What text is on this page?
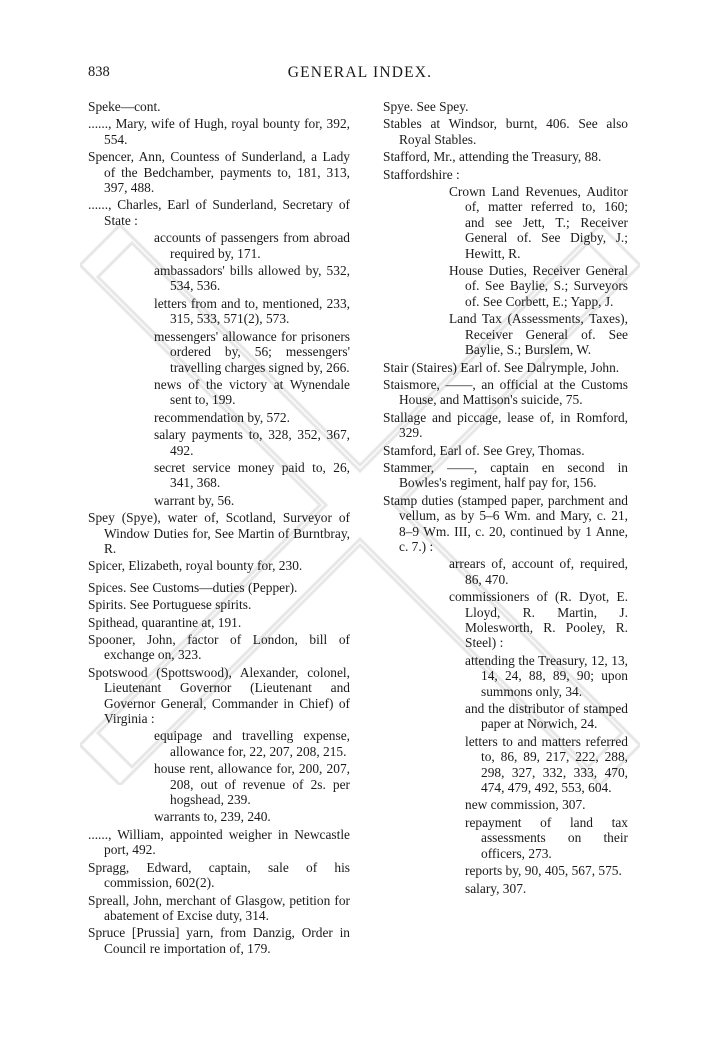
838	GENERAL INDEX.
Speke—cont.
......, Mary, wife of Hugh, royal bounty for, 392, 554.
Spencer, Ann, Countess of Sunderland, a Lady of the Bedchamber, payments to, 181, 313, 397, 488.
......, Charles, Earl of Sunderland, Secretary of State :
accounts of passengers from abroad required by, 171.
ambassadors' bills allowed by, 532, 534, 536.
letters from and to, mentioned, 233, 315, 533, 571(2), 573.
messengers' allowance for prisoners ordered by, 56; messengers' travelling charges signed by, 266.
news of the victory at Wynendale sent to, 199.
recommendation by, 572.
salary payments to, 328, 352, 367, 492.
secret service money paid to, 26, 341, 368.
warrant by, 56.
Spey (Spye), water of, Scotland, Surveyor of Window Duties for, See Martin of Burntbray, R.
Spicer, Elizabeth, royal bounty for, 230.
Spices. See Customs—duties (Pepper).
Spirits. See Portuguese spirits.
Spithead, quarantine at, 191.
Spooner, John, factor of London, bill of exchange on, 323.
Spotswood (Spottswood), Alexander, colonel, Lieutenant Governor (Lieutenant and Governor General, Commander in Chief) of Virginia :
equipage and travelling expense, allowance for, 22, 207, 208, 215.
house rent, allowance for, 200, 207, 208, out of revenue of 2s. per hogshead, 239.
warrants to, 239, 240.
......, William, appointed weigher in Newcastle port, 492.
Spragg, Edward, captain, sale of his commission, 602(2).
Spreall, John, merchant of Glasgow, petition for abatement of Excise duty, 314.
Spruce [Prussia] yarn, from Danzig, Order in Council re importation of, 179.
Spye. See Spey.
Stables at Windsor, burnt, 406. See also Royal Stables.
Stafford, Mr., attending the Treasury, 88.
Staffordshire :
Crown Land Revenues, Auditor of, matter referred to, 160; and see Jett, T.; Receiver General of. See Digby, J.; Hewitt, R.
House Duties, Receiver General of. See Baylie, S.; Surveyors of. See Corbett, E.; Yapp, J.
Land Tax (Assessments, Taxes), Receiver General of. See Baylie, S.; Burslem, W.
Stair (Staires) Earl of. See Dalrymple, John.
Staismore, ——, an official at the Customs House, and Mattison's suicide, 75.
Stallage and piccage, lease of, in Romford, 329.
Stamford, Earl of. See Grey, Thomas.
Stammer, ——, captain en second in Bowles's regiment, half pay for, 156.
Stamp duties (stamped paper, parchment and vellum, as by 5–6 Wm. and Mary, c. 21, 8–9 Wm. III, c. 20, continued by 1 Anne, c. 7.) :
arrears of, account of, required, 86, 470.
commissioners of (R. Dyot, E. Lloyd, R. Martin, J. Molesworth, R. Pooley, R. Steel) :
attending the Treasury, 12, 13, 14, 24, 88, 89, 90; upon summons only, 34.
and the distributor of stamped paper at Norwich, 24.
letters to and matters referred to, 86, 89, 217, 222, 288, 298, 327, 332, 333, 470, 474, 479, 492, 553, 604.
new commission, 307.
repayment of land tax assessments on their officers, 273.
reports by, 90, 405, 567, 575.
salary, 307.
